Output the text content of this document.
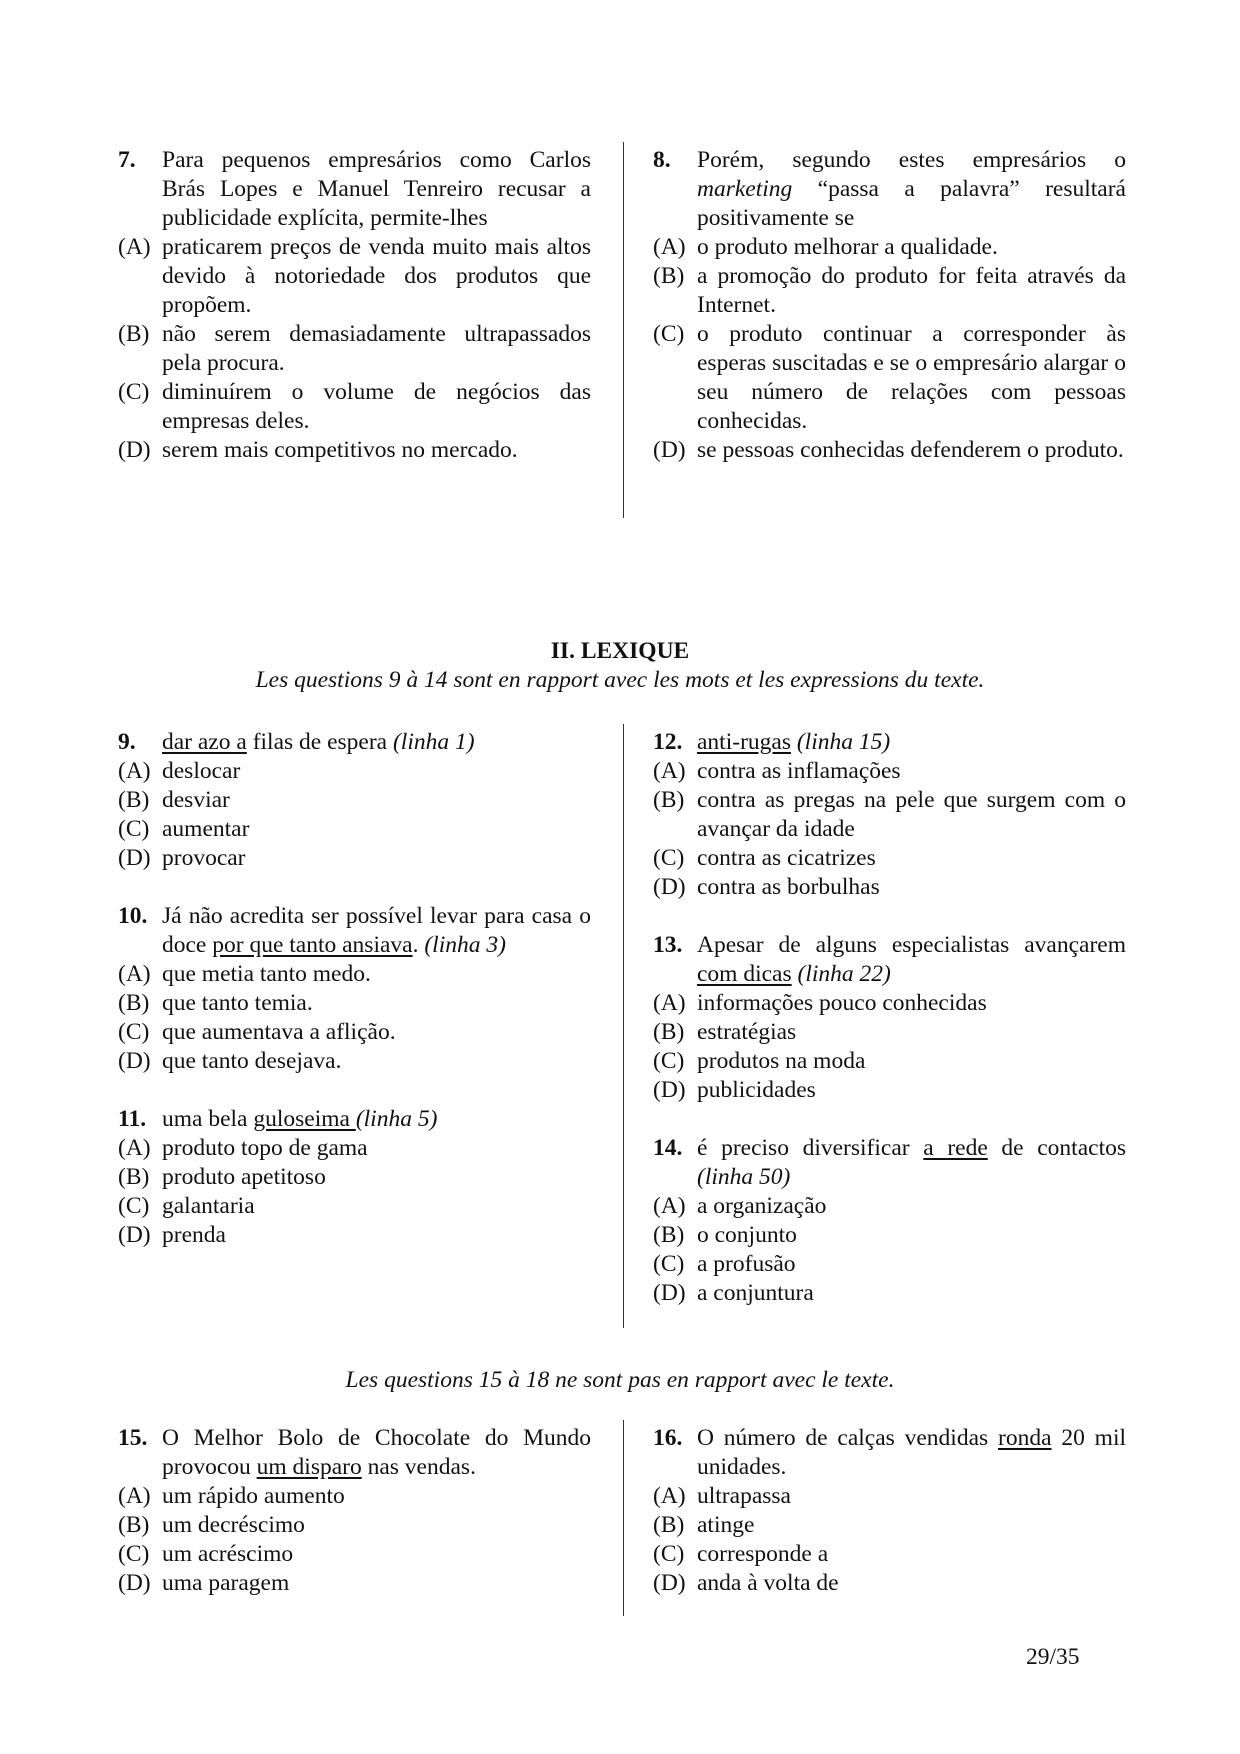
7.	Para pequenos empresários como Carlos Brás Lopes e Manuel Tenreiro recusar a publicidade explícita, permite-lhes
(A) praticarem preços de venda muito mais altos devido à notoriedade dos produtos que propõem.
(B) não serem demasiadamente ultrapassados pela procura.
(C) diminuírem o volume de negócios das empresas deles.
(D) serem mais competitivos no mercado.
8.	Porém, segundo estes empresários o marketing “passa a palavra” resultará positivamente se
(A) o produto melhorar a qualidade.
(B) a promoção do produto for feita através da Internet.
(C) o produto continuar a corresponder às esperas suscitadas e se o empresário alargar o seu número de relações com pessoas conhecidas.
(D) se pessoas conhecidas defenderem o produto.
II. LEXIQUE
Les questions 9 à 14 sont en rapport avec les mots et les expressions du texte.
9.	dar azo a filas de espera (linha 1)
(A) deslocar
(B) desviar
(C) aumentar
(D) provocar
10. Já não acredita ser possível levar para casa o doce por que tanto ansiava. (linha 3)
(A) que metia tanto medo.
(B) que tanto temia.
(C) que aumentava a aflição.
(D) que tanto desejava.
11. uma bela guloseima (linha 5)
(A) produto topo de gama
(B) produto apetitoso
(C) galantaria
(D) prenda
12. anti-rugas (linha 15)
(A) contra as inflamações
(B) contra as pregas na pele que surgem com o avançar da idade
(C) contra as cicatrizes
(D) contra as borbulhas
13. Apesar de alguns especialistas avançarem com dicas (linha 22)
(A) informações pouco conhecidas
(B) estratégias
(C) produtos na moda
(D) publicidades
14. é preciso diversificar a rede de contactos (linha 50)
(A) a organização
(B) o conjunto
(C) a profusão
(D) a conjuntura
Les questions 15 à 18 ne sont pas en rapport avec le texte.
15. O Melhor Bolo de Chocolate do Mundo provocou um disparo nas vendas.
(A) um rápido aumento
(B) um decréscimo
(C) um acréscimo
(D) uma paragem
16. O número de calças vendidas ronda 20 mil unidades.
(A) ultrapassa
(B) atinge
(C) corresponde a
(D) anda à volta de
29/35
